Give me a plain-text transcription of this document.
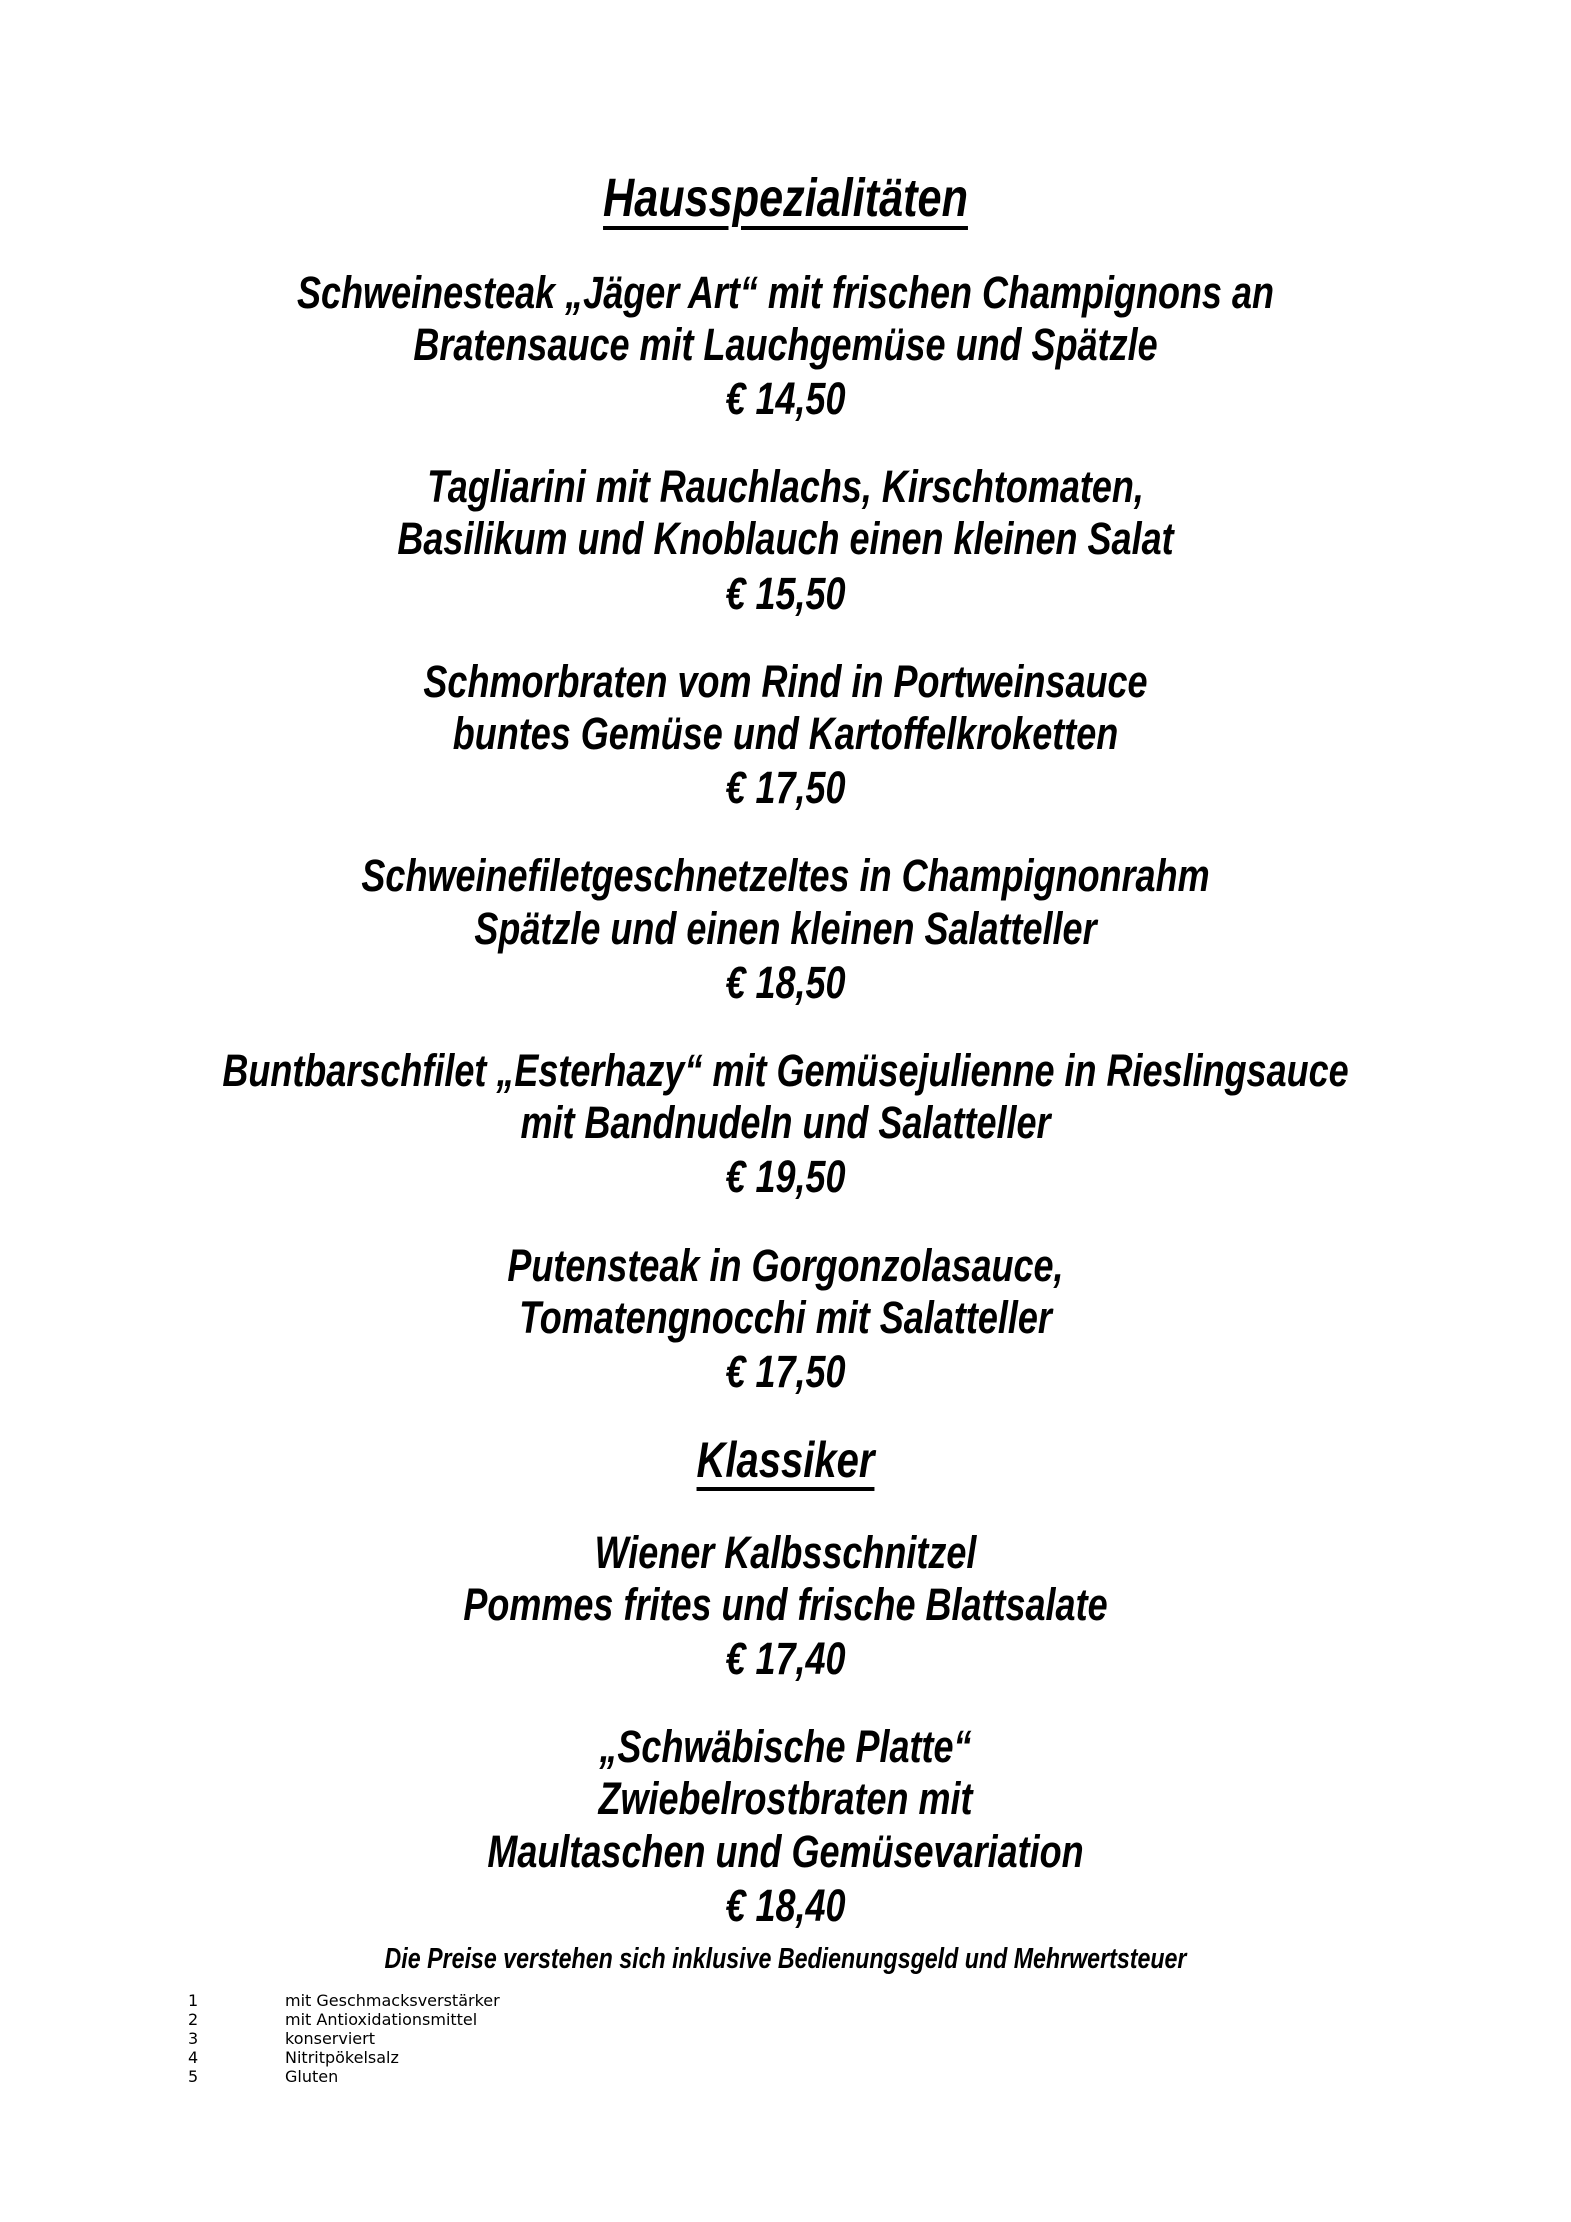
Hausspezialitäten

Schweinesteak „Jäger Art“ mit frischen Champignons an

Bratensauce mit Lauchgemüse und Spätzle

€ 14,50

Tagliarini mit Rauchlachs, Kirschtomaten,

Basilikum und Knoblauch einen kleinen Salat

€ 15,50

Schmorbraten vom Rind in Portweinsauce

buntes Gemüse und Kartoffelkroketten

€ 17,50

Schweinefiletgeschnetzeltes in Champignonrahm

Spätzle und einen kleinen Salatteller

€ 18,50

Buntbarschfilet „Esterhazy“ mit Gemüsejulienne in Rieslingsauce

mit Bandnudeln und Salatteller

€ 19,50

Putensteak in Gorgonzolasauce,

Tomatengnocchi mit Salatteller

€ 17,50

Klassiker

Wiener Kalbsschnitzel

Pommes frites und frische Blattsalate

€ 17,40

„Schwäbische Platte“

Zwiebelrostbraten mit

Maultaschen und Gemüsevariation

€ 18,40

Die Preise verstehen sich inklusive Bedienungsgeld und Mehrwertsteuer

1	mit Geschmacksverstärker
2	mit Antioxidationsmittel
3	konserviert
4	Nitritpökelsalz
5	Gluten
